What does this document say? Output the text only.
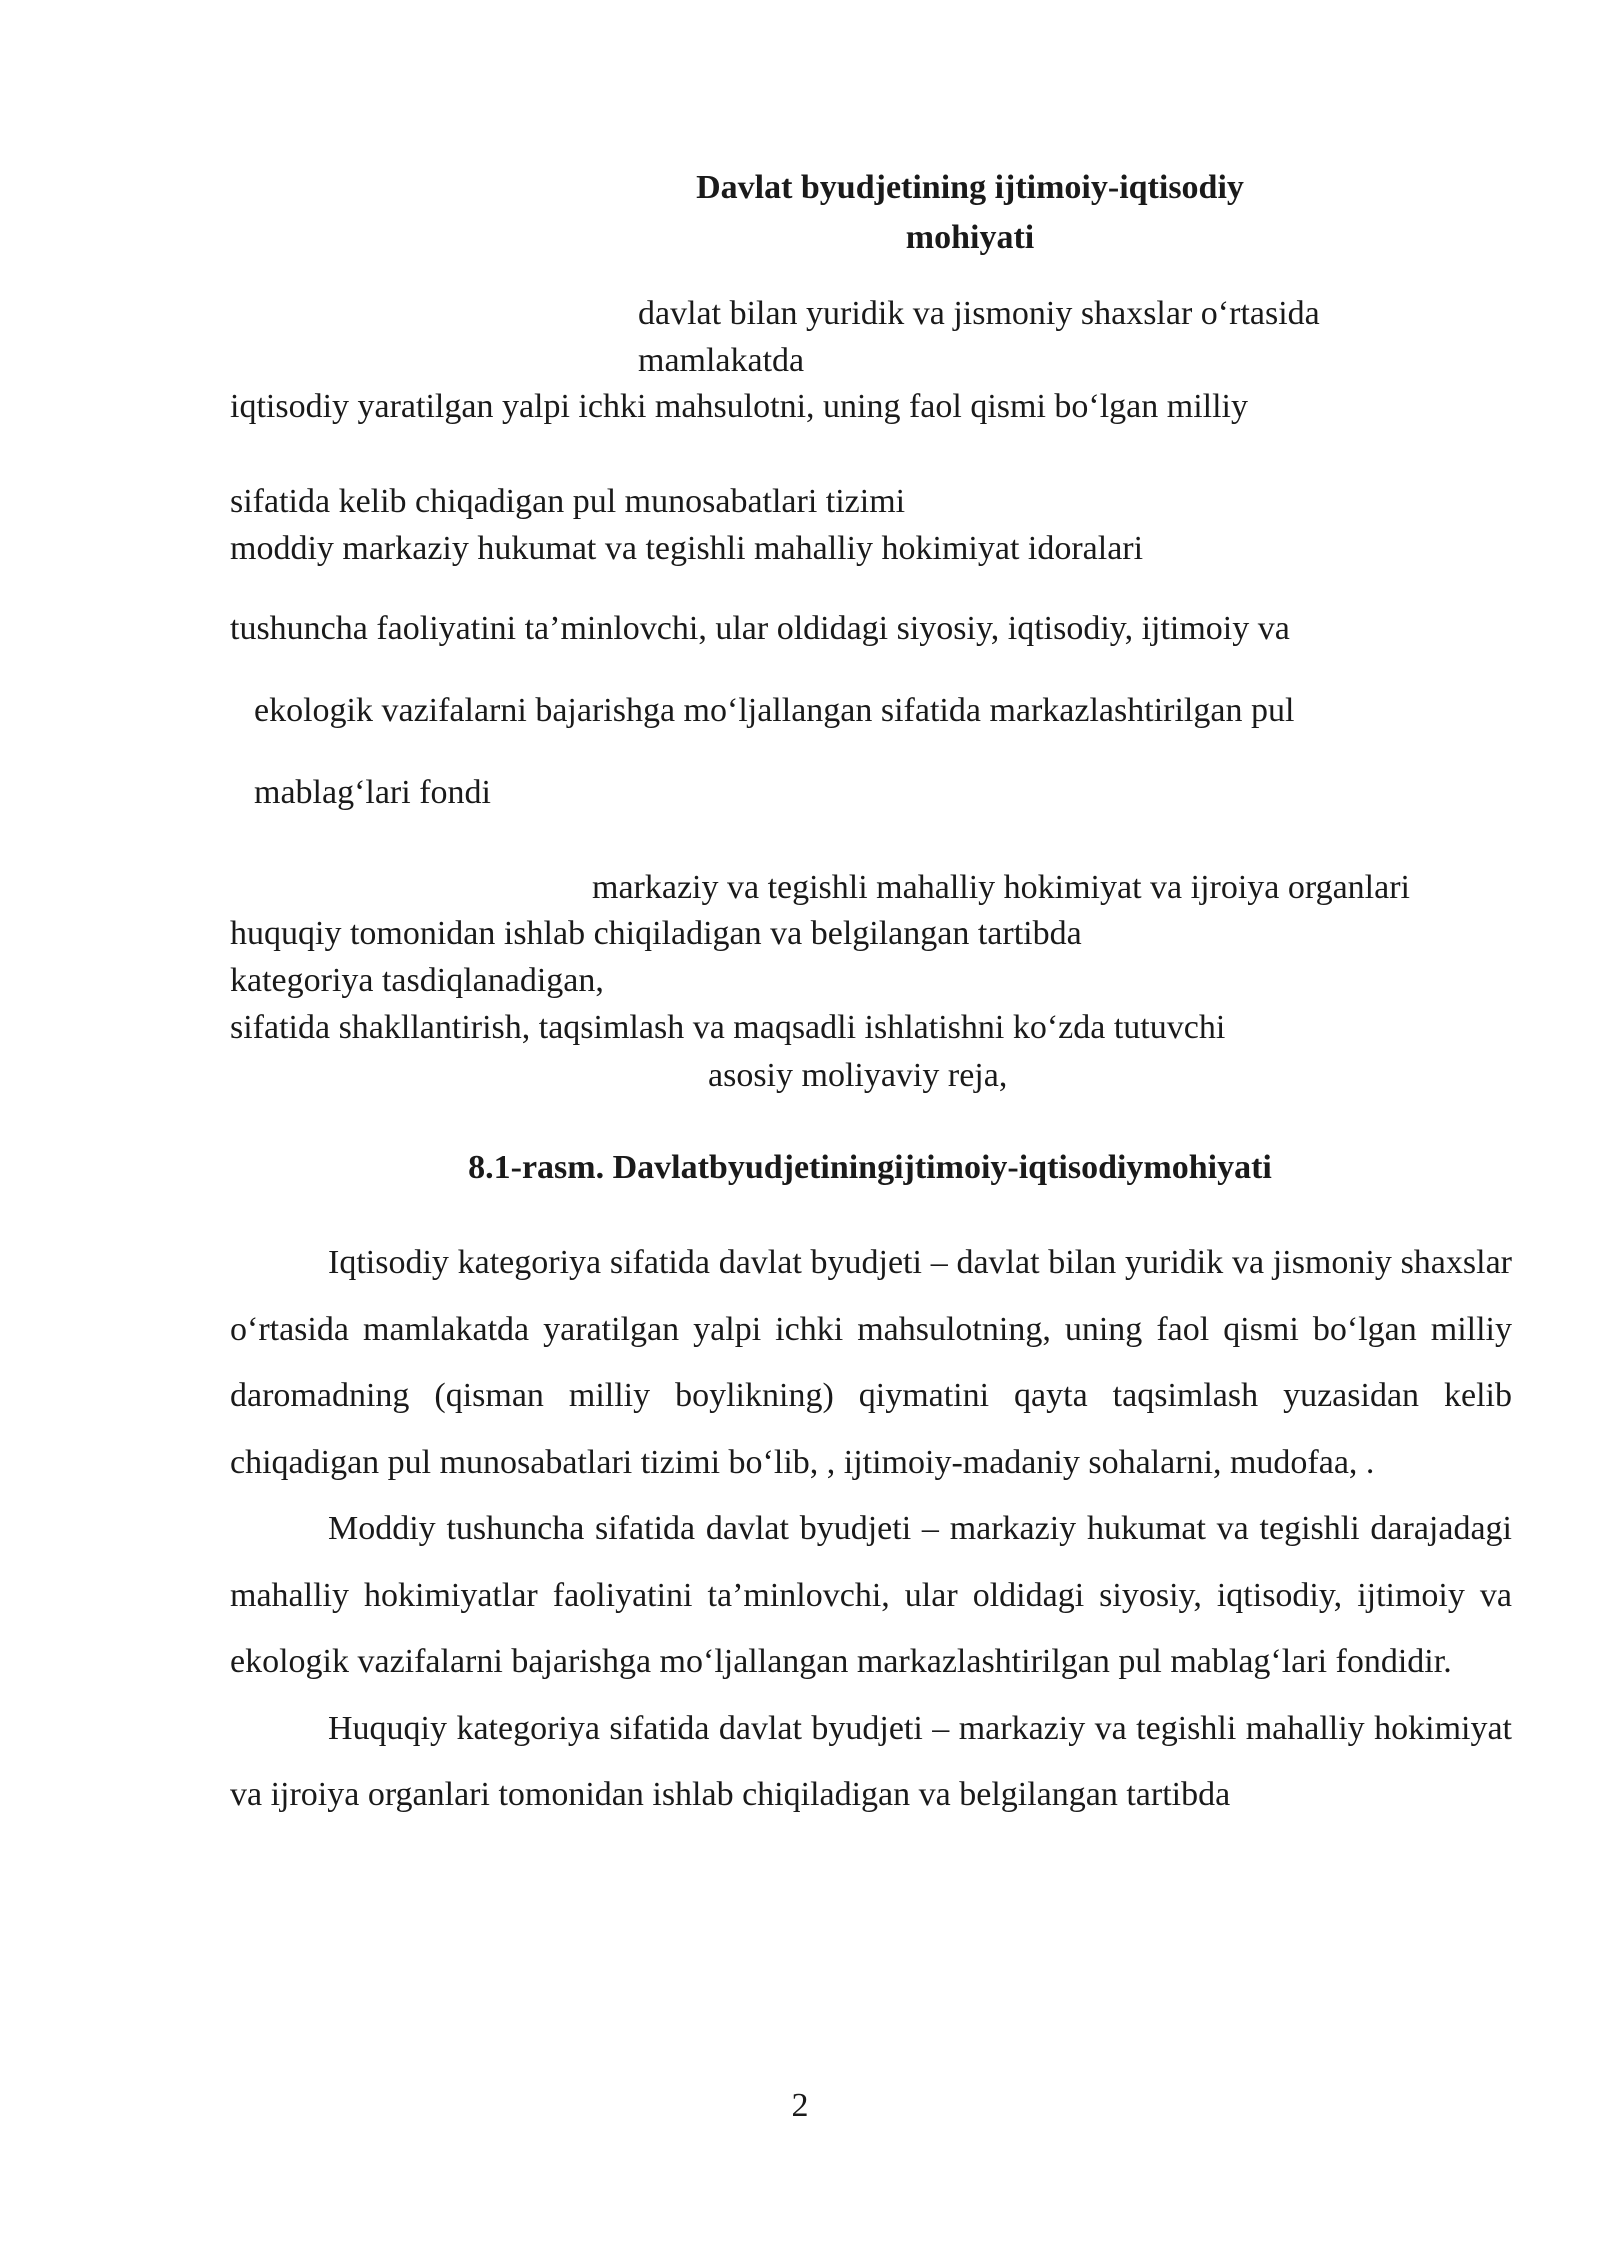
Davlat byudjetining ijtimoiy-iqtisodiy
mohiyati
davlat bilan yuridik va jismoniy shaxslar o‘rtasida
mamlakatda
iqtisodiy yaratilgan yalpi ichki mahsulotni, uning faol qismi bo‘lgan milliy
sifatida kelib chiqadigan pul munosabatlari tizimi
moddiy markaziy hukumat va tegishli mahalliy hokimiyat idoralari
tushuncha faoliyatini ta’minlovchi, ular oldidagi siyosiy, iqtisodiy, ijtimoiy va
ekologik vazifalarni bajarishga mo‘ljallangan sifatida markazlashtirilgan pul
mablag‘lari fondi
markaziy va tegishli mahalliy hokimiyat va ijroiya organlari
huquqiy tomonidan ishlab chiqiladigan va belgilangan tartibda
kategoriya tasdiqlanadigan,
sifatida shakllantirish, taqsimlash va maqsadli ishlatishni ko‘zda tutuvchi
asosiy moliyaviy reja,
8.1-rasm. Davlatbyudjetiningijtimoiy-iqtisodiymohiyati

Iqtisodiy kategoriya sifatida davlat byudjeti – davlat bilan yuridik va jismoniy shaxslar o‘rtasida mamlakatda yaratilgan yalpi ichki mahsulotning, uning faol qismi bo‘lgan milliy daromadning (qisman milliy boylikning) qiymatini qayta taqsimlash yuzasidan kelib chiqadigan pul munosabatlari tizimi bo‘lib, , ijtimoiy-madaniy sohalarni, mudofaa, .

Moddiy tushuncha sifatida davlat byudjeti – markaziy hukumat va tegishli darajadagi mahalliy hokimiyatlar faoliyatini ta’minlovchi, ular oldidagi siyosiy, iqtisodiy, ijtimoiy va ekologik vazifalarni bajarishga mo‘ljallangan markazlashtirilgan pul mablag‘lari fondidir.

Huquqiy kategoriya sifatida davlat byudjeti – markaziy va tegishli mahalliy hokimiyat va ijroiya organlari tomonidan ishlab chiqiladigan va belgilangan tartibda

2
